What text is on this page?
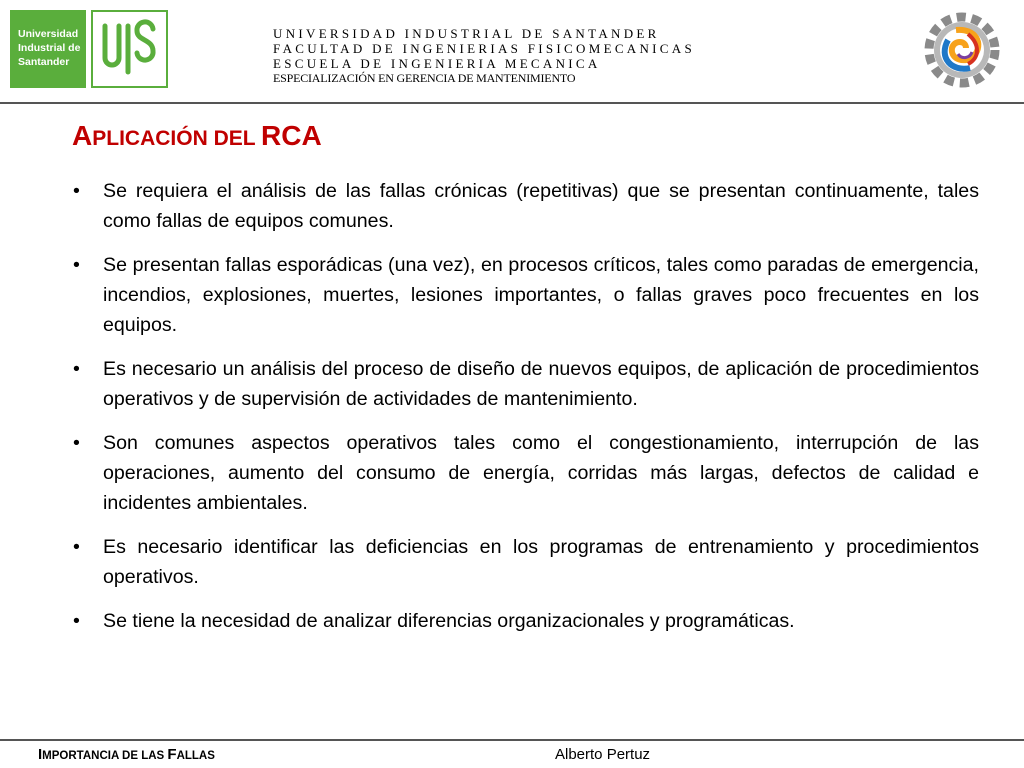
Universidad
Industrial de
Santander
UNIVERSIDAD INDUSTRIAL DE SANTANDER
FACULTAD DE INGENIERIAS FISICOMECANICAS
ESCUELA DE INGENIERIA MECANICA
ESPECIALIZACIÓN EN GERENCIA DE MANTENIMIENTO
APLICACIÓN DEL RCA
• Se requiera el análisis de las fallas crónicas (repetitivas) que se presentan continuamente, tales como fallas de equipos comunes.
• Se presentan fallas esporádicas (una vez), en procesos críticos, tales como paradas de emergencia, incendios, explosiones, muertes, lesiones importantes, o fallas graves poco frecuentes en los equipos.
• Es necesario un análisis del proceso de diseño de nuevos equipos, de aplicación de procedimientos operativos y de supervisión de actividades de mantenimiento.
• Son comunes aspectos operativos tales como el congestionamiento, interrupción de las operaciones, aumento del consumo de energía, corridas más largas, defectos de calidad e incidentes ambientales.
• Es necesario identificar las deficiencias en los programas de entrenamiento y procedimientos operativos.
• Se tiene la necesidad de analizar diferencias organizacionales y programáticas.
IMPORTANCIA DE LAS FALLAS	Alberto Pertuz
